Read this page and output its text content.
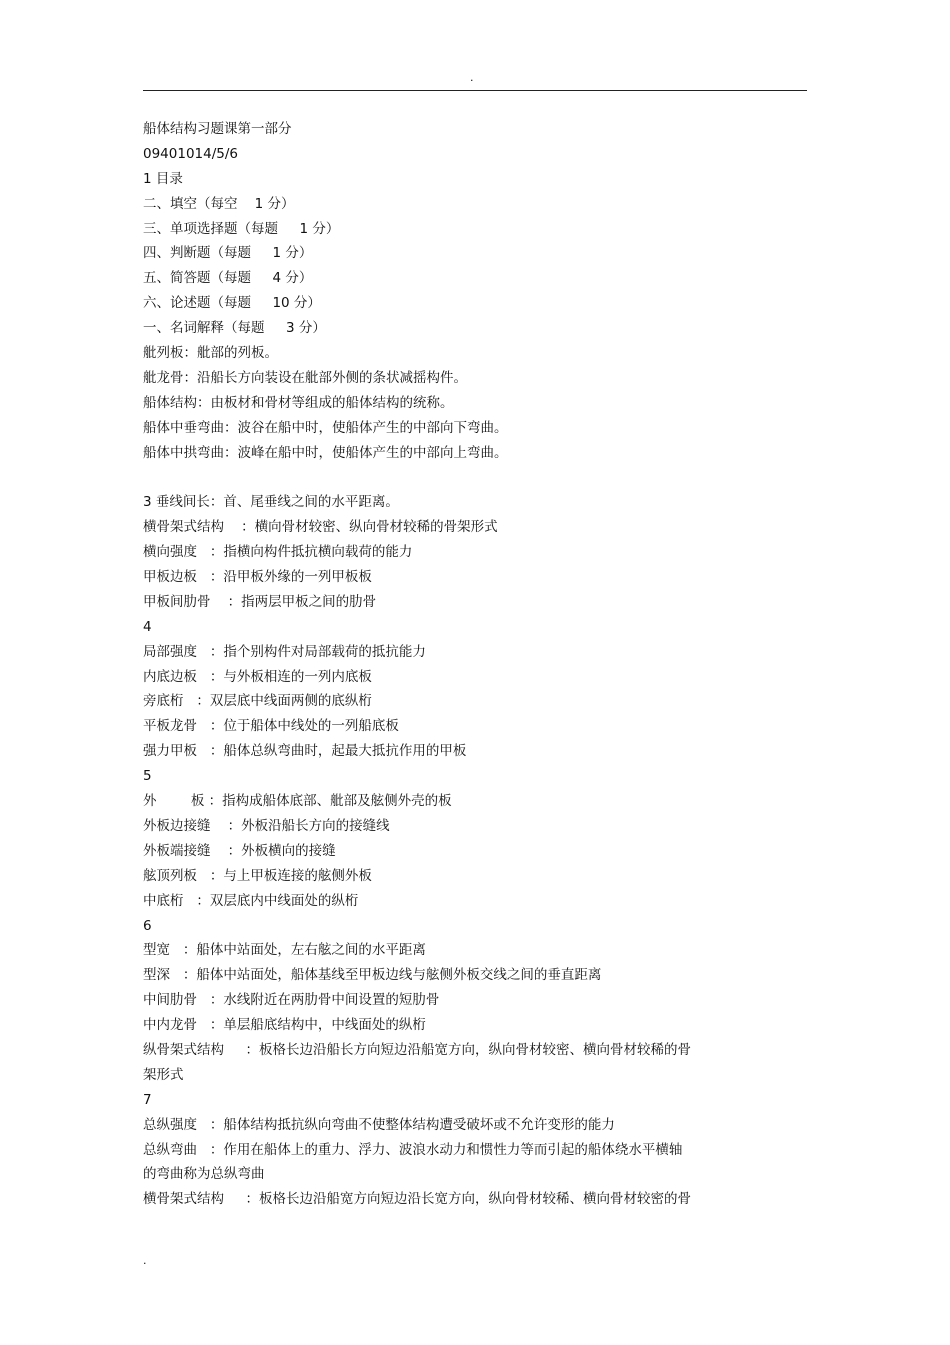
.
船体结构习题课第一部分
09401014/5/6
1 目录
二、填空（每空    1 分）
三、单项选择题（每题     1 分）
四、判断题（每题     1 分）
五、简答题（每题     4 分）
六、论述题（每题     10 分）
一、名词解释（每题     3 分）
舭列板：舭部的列板。
舭龙骨：沿船长方向装设在舭部外侧的条状减摇构件。
船体结构：由板材和骨材等组成的船体结构的统称。
船体中垂弯曲：波谷在船中时，使船体产生的中部向下弯曲。
船体中拱弯曲：波峰在船中时，使船体产生的中部向上弯曲。
3 垂线间长：首、尾垂线之间的水平距离。
横骨架式结构    ：横向骨材较密、纵向骨材较稀的骨架形式
横向强度   ：指横向构件抵抗横向载荷的能力
甲板边板   ：沿甲板外缘的一列甲板板
甲板间肋骨    ：指两层甲板之间的肋骨
4
局部强度   ：指个别构件对局部载荷的抵抗能力
内底边板   ：与外板相连的一列内底板
旁底桁   ：双层底中线面两侧的底纵桁
平板龙骨   ：位于船体中线处的一列船底板
强力甲板   ：船体总纵弯曲时，起最大抵抗作用的甲板
5
外        板 ：指构成船体底部、舭部及舷侧外壳的板
外板边接缝    ：外板沿船长方向的接缝线
外板端接缝    ：外板横向的接缝
舷顶列板   ：与上甲板连接的舷侧外板
中底桁   ：双层底内中线面处的纵桁
6
型宽   ：船体中站面处，左右舷之间的水平距离
型深   ：船体中站面处，船体基线至甲板边线与舷侧外板交线之间的垂直距离
中间肋骨   ：水线附近在两肋骨中间设置的短肋骨
中内龙骨   ：单层船底结构中，中线面处的纵桁
纵骨架式结构     ：板格长边沿船长方向短边沿船宽方向，纵向骨材较密、横向骨材较稀的骨
架形式
7
总纵强度   ：船体结构抵抗纵向弯曲不使整体结构遭受破坏或不允许变形的能力
总纵弯曲   ：作用在船体上的重力、浮力、波浪水动力和惯性力等而引起的船体绕水平横轴
的弯曲称为总纵弯曲
横骨架式结构     ：板格长边沿船宽方向短边沿长宽方向，纵向骨材较稀、横向骨材较密的骨
.
